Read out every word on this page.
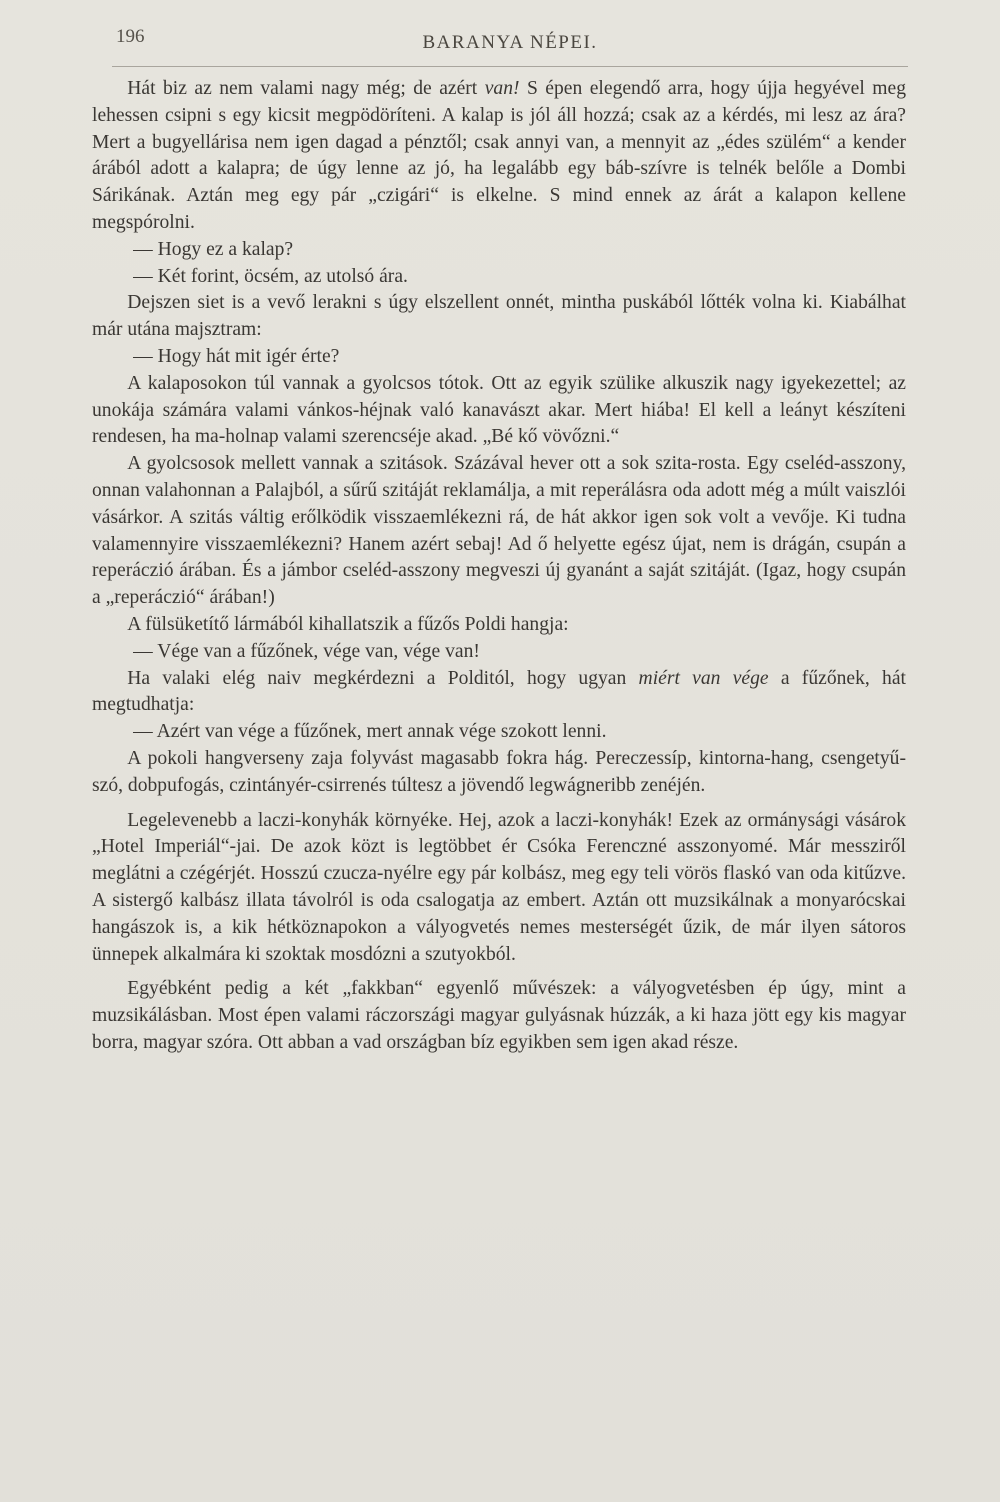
196	BARANYA NÉPEI.

Hát biz az nem valami nagy még; de azért van! S épen elegendő arra, hogy újja hegyével meg lehessen csipni s egy kicsit megpödöríteni. A kalap is jól áll hozzá; csak az a kérdés, mi lesz az ára? Mert a bugyellárisa nem igen dagad a pénztől; csak annyi van, a mennyit az „édes szülém“ a kender árából adott a kalapra; de úgy lenne az jó, ha legalább egy báb-szívre is telnék belőle a Dombi Sárikának. Aztán meg egy pár „czigári“ is elkelne. S mind ennek az árát a kalapon kellene megspórolni.

— Hogy ez a kalap?

— Két forint, öcsém, az utolsó ára.

Dejszen siet is a vevő lerakni s úgy elszellent onnét, mintha puskából lőtték volna ki. Kiabálhat már utána majsztram:

— Hogy hát mit igér érte?

A kalaposokon túl vannak a gyolcsos tótok. Ott az egyik szülike alkuszik nagy igyekezettel; az unokája számára valami vánkos-héjnak való kanavászt akar. Mert hiába! El kell a leányt készíteni rendesen, ha ma-holnap valami szerencséje akad. „Bé kő vövőzni.“

A gyolcsosok mellett vannak a szitások. Százával hever ott a sok szita-rosta. Egy cseléd-asszony, onnan valahonnan a Palajból, a sűrű szitáját reklamálja, a mit reperálásra oda adott még a múlt vaiszlói vásárkor. A szitás váltig erőlködik visszaemlékezni rá, de hát akkor igen sok volt a vevője. Ki tudna valamennyire visszaemlékezni? Hanem azért sebaj! Ad ő helyette egész újat, nem is drágán, csupán a reperáczió árában. És a jámbor cseléd-asszony megveszi új gyanánt a saját szitáját. (Igaz, hogy csupán a „reperáczió“ árában!)

A fülsüketítő lármából kihallatszik a fűzős Poldi hangja:

— Vége van a fűzőnek, vége van, vége van!

Ha valaki elég naiv megkérdezni a Polditól, hogy ugyan miért van vége a fűzőnek, hát megtudhatja:

— Azért van vége a fűzőnek, mert annak vége szokott lenni.

A pokoli hangverseny zaja folyvást magasabb fokra hág. Pereczessíp, kintorna-hang, csengetyű-szó, dobpufogás, czintányér-csirrenés túltesz a jövendő legwágneribb zenéjén.

Legelevenebb a laczi-konyhák környéke. Hej, azok a laczi-konyhák! Ezek az ormánysági vásárok „Hotel Imperiál“-jai. De azok közt is legtöbbet ér Csóka Ferenczné asszonyomé. Már messziről meglátni a czégérjét. Hosszú czucza-nyélre egy pár kolbász, meg egy teli vörös flaskó van oda kitűzve. A sistergő kalbász illata távolról is oda csalogatja az embert. Aztán ott muzsikálnak a monyarócskai hangászok is, a kik hétköznapokon a vályogvetés nemes mesterségét űzik, de már ilyen sátoros ünnepek alkalmára ki szoktak mosdózni a szutyokból.

Egyébként pedig a két „fakkban“ egyenlő művészek: a vályogvetésben ép úgy, mint a muzsikálásban. Most épen valami ráczországi magyar gulyásnak húzzák, a ki haza jött egy kis magyar borra, magyar szóra. Ott abban a vad országban bíz egyikben sem igen akad része.
